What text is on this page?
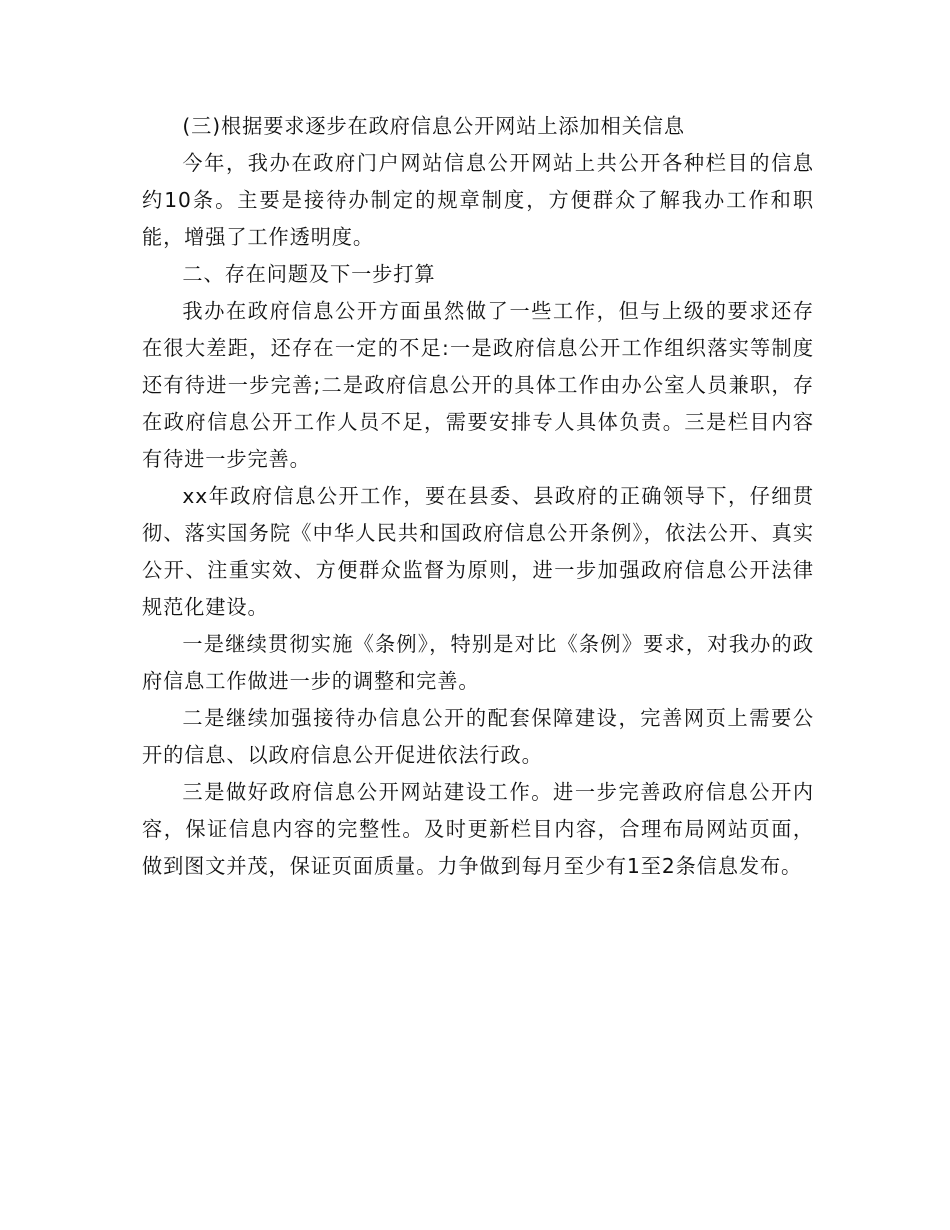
(三)根据要求逐步在政府信息公开网站上添加相关信息

今年，我办在政府门户网站信息公开网站上共公开各种栏目的信息约10条。主要是接待办制定的规章制度，方便群众了解我办工作和职能，增强了工作透明度。

二、存在问题及下一步打算

我办在政府信息公开方面虽然做了一些工作，但与上级的要求还存在很大差距，还存在一定的不足:一是政府信息公开工作组织落实等制度还有待进一步完善;二是政府信息公开的具体工作由办公室人员兼职，存在政府信息公开工作人员不足，需要安排专人具体负责。三是栏目内容有待进一步完善。

xx年政府信息公开工作，要在县委、县政府的正确领导下，仔细贯彻、落实国务院《中华人民共和国政府信息公开条例》，依法公开、真实公开、注重实效、方便群众监督为原则，进一步加强政府信息公开法律规范化建设。

一是继续贯彻实施《条例》，特别是对比《条例》要求，对我办的政府信息工作做进一步的调整和完善。

二是继续加强接待办信息公开的配套保障建设，完善网页上需要公开的信息、以政府信息公开促进依法行政。

三是做好政府信息公开网站建设工作。进一步完善政府信息公开内容，保证信息内容的完整性。及时更新栏目内容，合理布局网站页面，做到图文并茂，保证页面质量。力争做到每月至少有1至2条信息发布。
